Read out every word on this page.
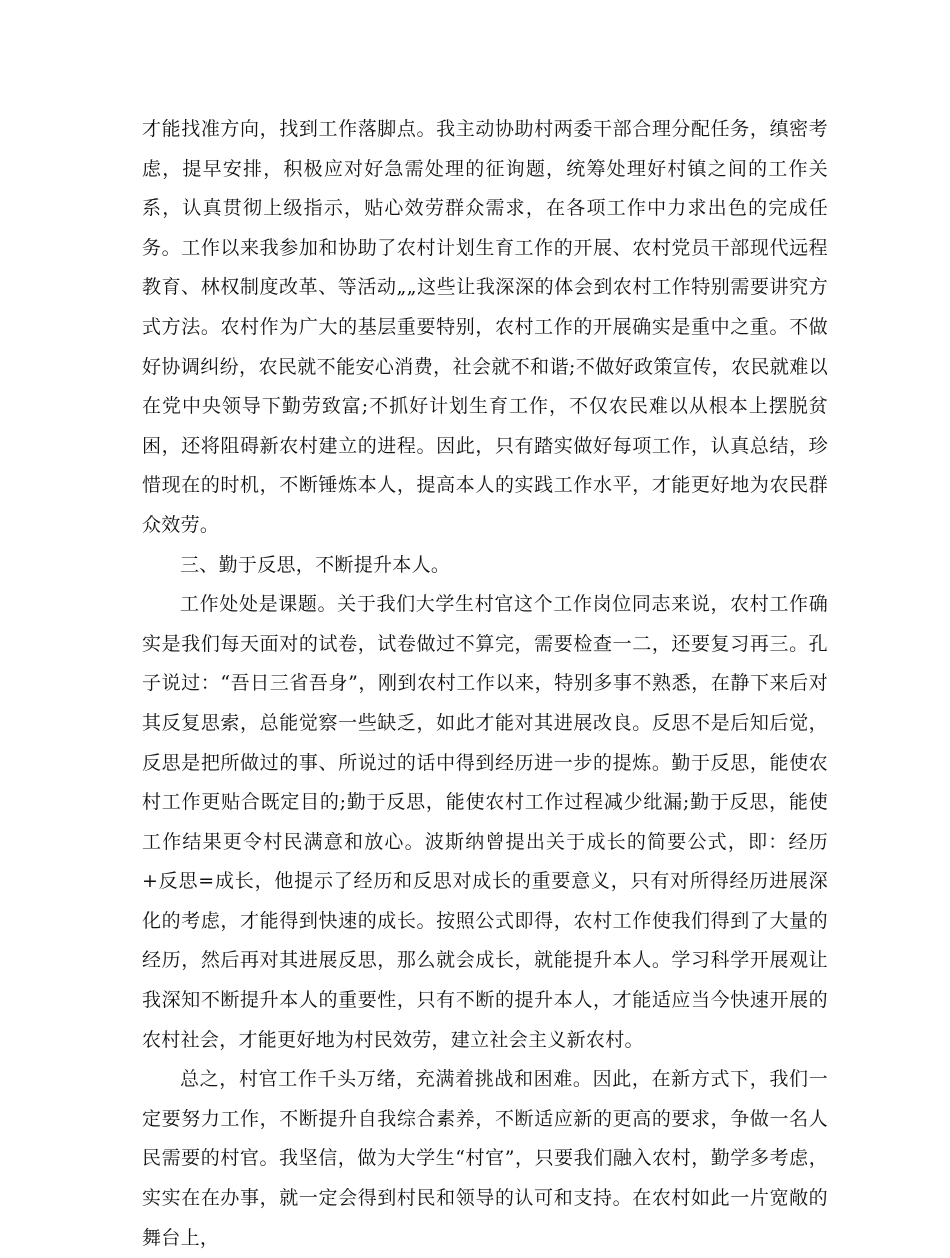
才能找准方向，找到工作落脚点。我主动协助村两委干部合理分配任务，缜密考虑，提早安排，积极应对好急需处理的征询题，统筹处理好村镇之间的工作关系，认真贯彻上级指示，贴心效劳群众需求，在各项工作中力求出色的完成任务。工作以来我参加和协助了农村计划生育工作的开展、农村党员干部现代远程教育、林权制度改革、等活动„„这些让我深深的体会到农村工作特别需要讲究方式方法。农村作为广大的基层重要特别，农村工作的开展确实是重中之重。不做好协调纠纷，农民就不能安心消费，社会就不和谐;不做好政策宣传，农民就难以在党中央领导下勤劳致富;不抓好计划生育工作，不仅农民难以从根本上摆脱贫困，还将阻碍新农村建立的进程。因此，只有踏实做好每项工作，认真总结，珍惜现在的时机，不断锤炼本人，提高本人的实践工作水平，才能更好地为农民群众效劳。

三、勤于反思，不断提升本人。

工作处处是课题。关于我们大学生村官这个工作岗位同志来说，农村工作确实是我们每天面对的试卷，试卷做过不算完，需要检查一二，还要复习再三。孔子说过：“吾日三省吾身”，刚到农村工作以来，特别多事不熟悉，在静下来后对其反复思索，总能觉察一些缺乏，如此才能对其进展改良。反思不是后知后觉，反思是把所做过的事、所说过的话中得到经历进一步的提炼。勤于反思，能使农村工作更贴合既定目的;勤于反思，能使农村工作过程减少纰漏;勤于反思，能使工作结果更令村民满意和放心。波斯纳曾提出关于成长的简要公式，即：经历+反思=成长，他提示了经历和反思对成长的重要意义，只有对所得经历进展深化的考虑，才能得到快速的成长。按照公式即得，农村工作使我们得到了大量的经历，然后再对其进展反思，那么就会成长，就能提升本人。学习科学开展观让我深知不断提升本人的重要性，只有不断的提升本人，才能适应当今快速开展的农村社会，才能更好地为村民效劳，建立社会主义新农村。

总之，村官工作千头万绪，充满着挑战和困难。因此，在新方式下，我们一定要努力工作，不断提升自我综合素养，不断适应新的更高的要求，争做一名人民需要的村官。我坚信，做为大学生“村官”，只要我们融入农村，勤学多考虑，实实在在办事，就一定会得到村民和领导的认可和支持。在农村如此一片宽敞的舞台上，
